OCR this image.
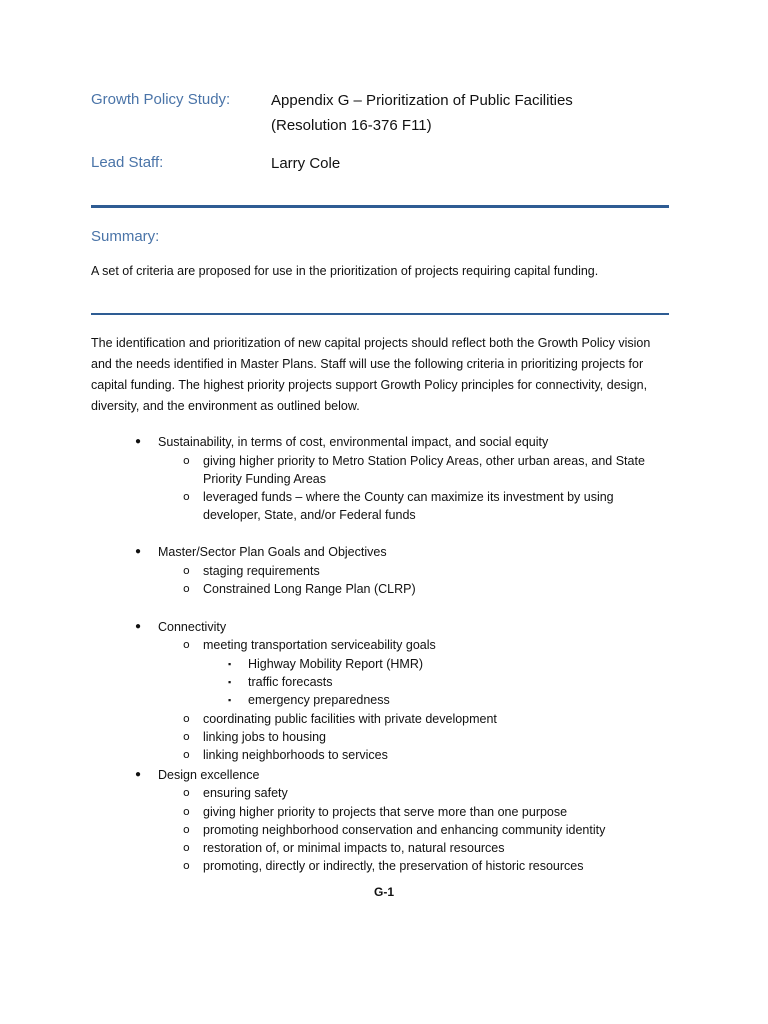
Growth Policy Study:	Appendix G – Prioritization of Public Facilities
(Resolution 16-376 F11)
Lead Staff:	Larry Cole
Summary:
A set of criteria are proposed for use in the prioritization of projects requiring capital funding.
The identification and prioritization of new capital projects should reflect both the Growth Policy vision and the needs identified in Master Plans. Staff will use the following criteria in prioritizing projects for capital funding. The highest priority projects support Growth Policy principles for connectivity, design, diversity, and the environment as outlined below.
● Sustainability, in terms of cost, environmental impact, and social equity
o giving higher priority to Metro Station Policy Areas, other urban areas, and State Priority Funding Areas
o leveraged funds – where the County can maximize its investment by using developer, State, and/or Federal funds
● Master/Sector Plan Goals and Objectives
o staging requirements
o Constrained Long Range Plan (CLRP)
● Connectivity
o meeting transportation serviceability goals
▪ Highway Mobility Report (HMR)
▪ traffic forecasts
▪ emergency preparedness
o coordinating public facilities with private development
o linking jobs to housing
o linking neighborhoods to services
● Design excellence
o ensuring safety
o giving higher priority to projects that serve more than one purpose
o promoting neighborhood conservation and enhancing community identity
o restoration of, or minimal impacts to, natural resources
o promoting, directly or indirectly, the preservation of historic resources
G-1
